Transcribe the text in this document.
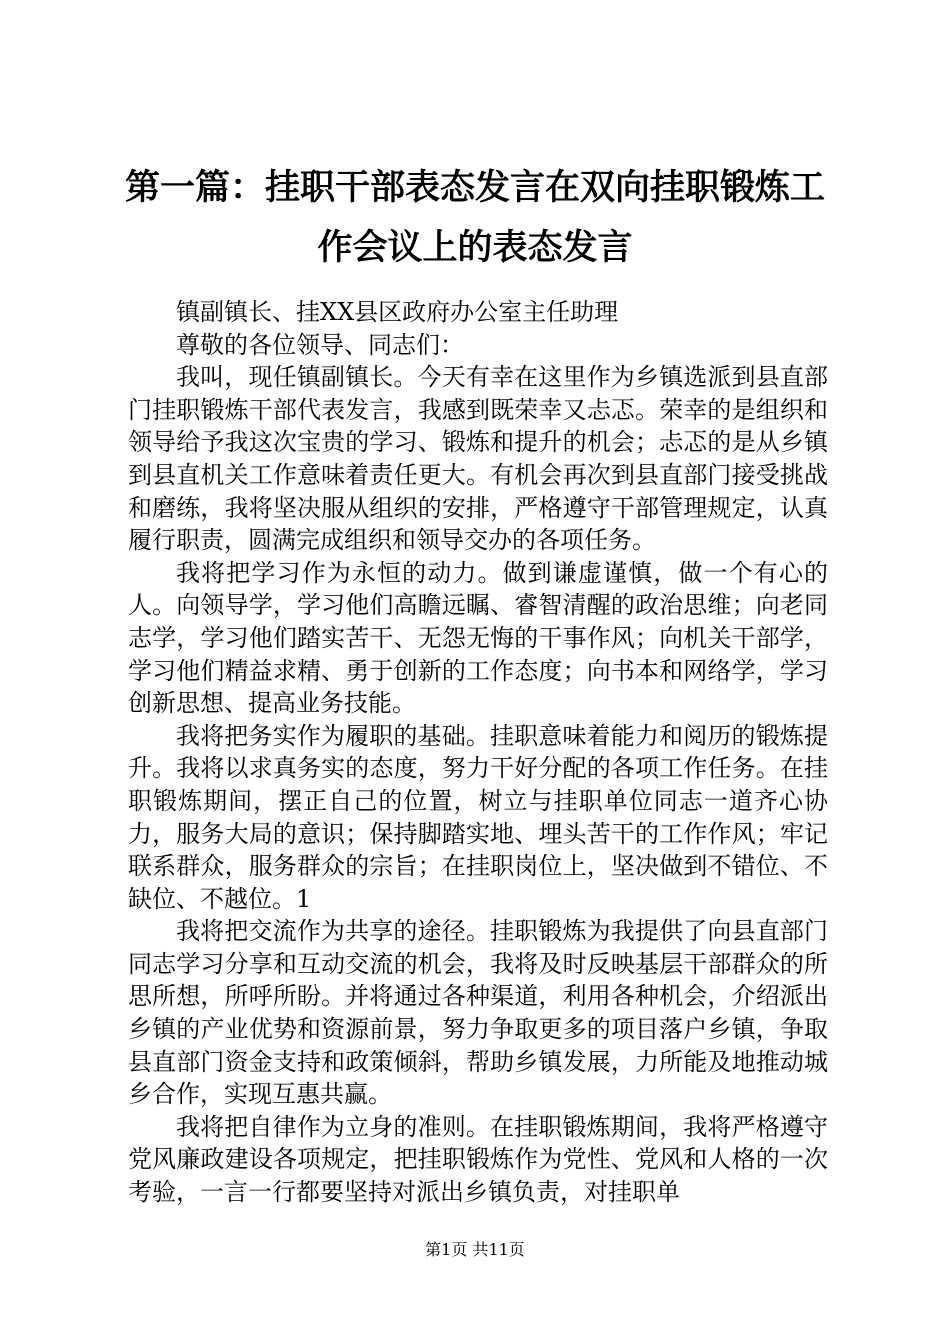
第一篇：挂职干部表态发言在双向挂职锻炼工
作会议上的表态发言

镇副镇长、挂XX县区政府办公室主任助理

尊敬的各位领导、同志们：

我叫，现任镇副镇长。今天有幸在这里作为乡镇选派到县直部门挂职锻炼干部代表发言，我感到既荣幸又忐忑。荣幸的是组织和领导给予我这次宝贵的学习、锻炼和提升的机会；忐忑的是从乡镇到县直机关工作意味着责任更大。有机会再次到县直部门接受挑战和磨练，我将坚决服从组织的安排，严格遵守干部管理规定，认真履行职责，圆满完成组织和领导交办的各项任务。

我将把学习作为永恒的动力。做到谦虚谨慎，做一个有心的人。向领导学，学习他们高瞻远瞩、睿智清醒的政治思维；向老同志学，学习他们踏实苦干、无怨无悔的干事作风；向机关干部学，学习他们精益求精、勇于创新的工作态度；向书本和网络学，学习创新思想、提高业务技能。

我将把务实作为履职的基础。挂职意味着能力和阅历的锻炼提升。我将以求真务实的态度，努力干好分配的各项工作任务。在挂职锻炼期间，摆正自己的位置，树立与挂职单位同志一道齐心协力，服务大局的意识；保持脚踏实地、埋头苦干的工作作风；牢记联系群众，服务群众的宗旨；在挂职岗位上，坚决做到不错位、不缺位、不越位。1

我将把交流作为共享的途径。挂职锻炼为我提供了向县直部门同志学习分享和互动交流的机会，我将及时反映基层干部群众的所思所想，所呼所盼。并将通过各种渠道，利用各种机会，介绍派出乡镇的产业优势和资源前景，努力争取更多的项目落户乡镇，争取县直部门资金支持和政策倾斜，帮助乡镇发展，力所能及地推动城乡合作，实现互惠共赢。

我将把自律作为立身的准则。在挂职锻炼期间，我将严格遵守党风廉政建设各项规定，把挂职锻炼作为党性、党风和人格的一次考验，一言一行都要坚持对派出乡镇负责，对挂职单

第1页 共11页
